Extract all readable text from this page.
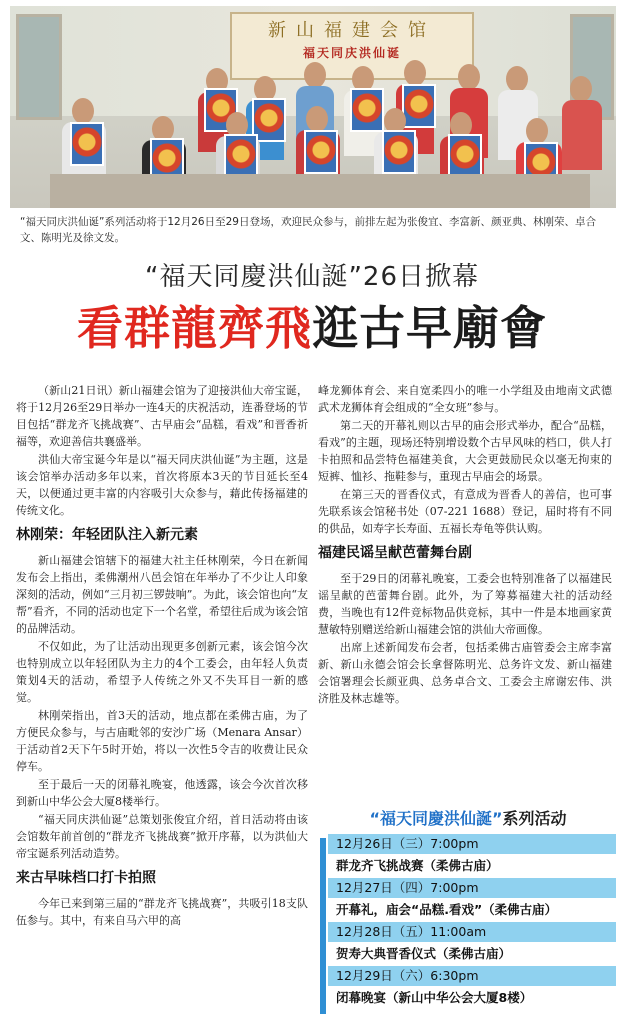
新山福建会馆
福天同庆洪仙诞
“福天同庆洪仙诞”系列活动将于12月26日至29日登场，欢迎民众参与，前排左起为张俊宜、李富新、颜亚典、林刚荣、卓合文、陈明光及徐文发。
“福天同慶洪仙誕”26日掀幕
看群龍齊飛逛古早廟會

（新山21日讯）新山福建会馆为了迎接洪仙大帝宝诞，将于12月26至29日举办一连4天的庆祝活动，连番登场的节目包括“群龙齐飞挑战赛”、古早庙会“品糕，看戏”和晋香祈福等，欢迎善信共襄盛举。

洪仙大帝宝诞今年是以“福天同庆洪仙诞”为主题，这是该会馆举办活动多年以来，首次将原本3天的节目延长至4天，以便通过更丰富的内容吸引大众参与，藉此传扬福建的传统文化。

林刚荣：年轻团队注入新元素

新山福建会馆辖下的福建大社主任林刚荣，今日在新闻发布会上指出，柔佛潮州八邑会馆在年举办了不少让人印象深刻的活动，例如“三月初三锣鼓响”。为此，该会馆也向“友帮”看齐，不同的活动也定下一个名堂，希望往后成为该会馆的品牌活动。

不仅如此，为了让活动出现更多创新元素，该会馆今次也特别成立以年轻团队为主力的4个工委会，由年轻人负责策划4天的活动，希望予人传统之外又不失耳目一新的感觉。

林刚荣指出，首3天的活动，地点都在柔佛古庙，为了方便民众参与，与古庙毗邻的安沙广场（Menara Ansar）于活动首2天下午5时开始，将以一次性5令吉的收费让民众停车。

至于最后一天的闭幕礼晚宴，他透露，该会今次首次移到新山中华公会大厦8楼举行。

“福天同庆洪仙诞”总策划张俊宜介绍，首日活动将由该会馆数年前首创的“群龙齐飞挑战赛”掀开序幕，以为洪仙大帝宝诞系列活动造势。

来古早味档口打卡拍照

今年已来到第三届的“群龙齐飞挑战赛”，共吸引18支队伍参与。其中，有来自马六甲的高

峰龙狮体育会、来自宽柔四小的唯一小学组及由地南文武德武术龙狮体育会组成的“全女班”参与。

第二天的开幕礼则以古早的庙会形式举办，配合“品糕，看戏”的主题，现场还特别增设数个古早风味的档口，供人打卡拍照和品尝特色福建美食，大会更鼓励民众以毫无拘束的短裤、恤衫、拖鞋参与，重现古早庙会的场景。

在第三天的晋香仪式，有意成为晋香人的善信，也可事先联系该会馆秘书处（07-221 1688）登记，届时将有不同的供品，如寿字长寿面、五福长寿龟等供认购。

福建民谣呈献芭蕾舞台剧

至于29日的闭幕礼晚宴，工委会也特别准备了以福建民谣呈献的芭蕾舞台剧。此外，为了筹募福建大社的活动经费，当晚也有12件竞标物品供竞标，其中一件是本地画家黄慧敏特别赠送给新山福建会馆的洪仙大帝画像。

出席上述新闻发布会者，包括柔佛古庙管委会主席李富新、新山永德会馆会长拿督陈明光、总务许文发、新山福建会馆署理会长颜亚典、总务卓合文、工委会主席谢宏伟、洪济胜及林志雄等。

“福天同慶洪仙誕”系列活动
12月26日（三）7:00pm
群龙齐飞挑战赛（柔佛古庙）
12月27日（四）7:00pm
开幕礼，庙会“品糕.看戏”（柔佛古庙）
12月28日（五）11:00am
贺寿大典晋香仪式（柔佛古庙）
12月29日（六）6:30pm
闭幕晚宴（新山中华公会大厦8楼）
